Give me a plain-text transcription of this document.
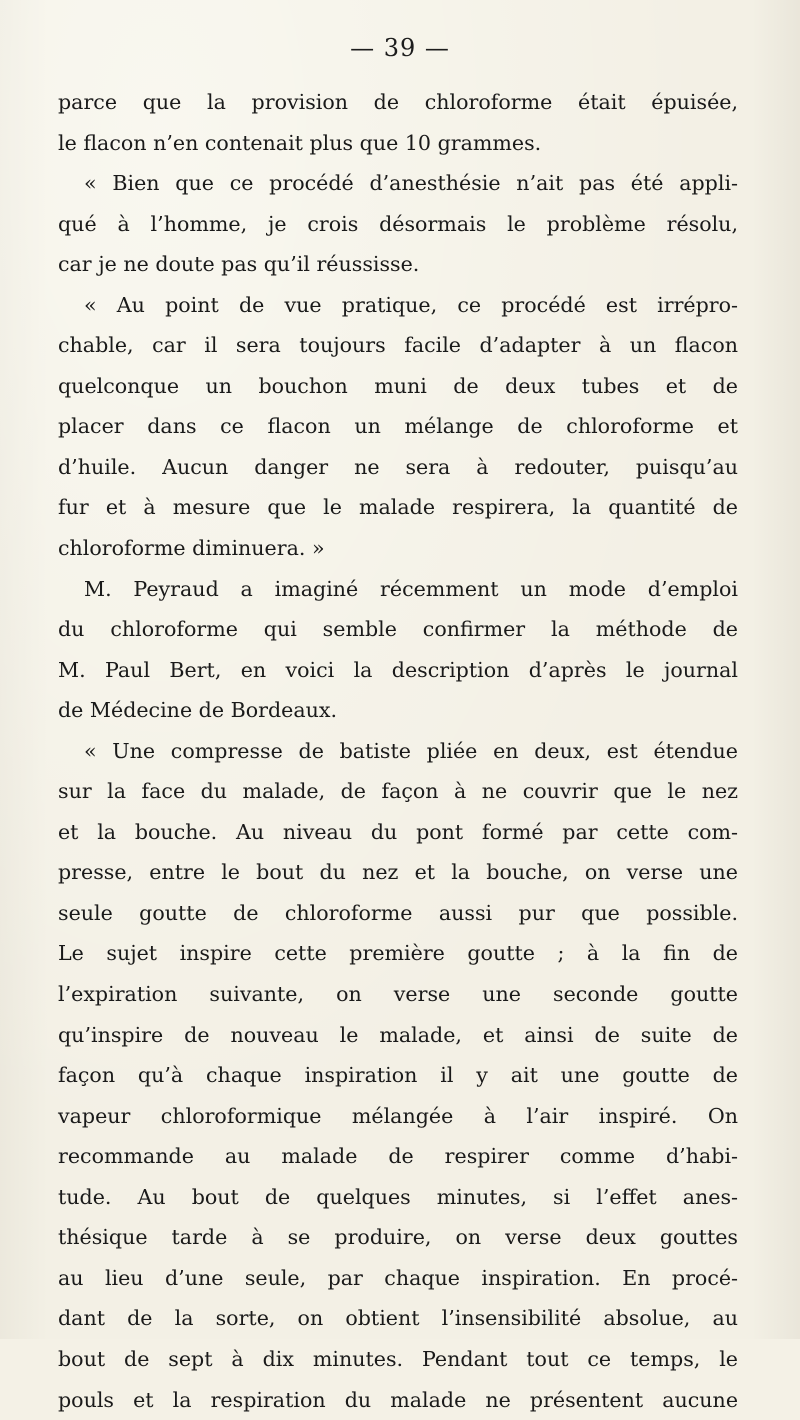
— 39 —
parce que la provision de chloroforme était épuisée,
le flacon n’en contenait plus que 10 grammes.
« Bien que ce procédé d’anesthésie n’ait pas été appli-
qué à l’homme, je crois désormais le problème résolu,
car je ne doute pas qu’il réussisse.
« Au point de vue pratique, ce procédé est irrépro-
chable, car il sera toujours facile d’adapter à un flacon
quelconque un bouchon muni de deux tubes et de
placer dans ce flacon un mélange de chloroforme et
d’huile. Aucun danger ne sera à redouter, puisqu’au
fur et à mesure que le malade respirera, la quantité de
chloroforme diminuera. »
M. Peyraud a imaginé récemment un mode d’emploi
du chloroforme qui semble confirmer la méthode de
M. Paul Bert, en voici la description d’après le journal
de Médecine de Bordeaux.
« Une compresse de batiste pliée en deux, est étendue
sur la face du malade, de façon à ne couvrir que le nez
et la bouche. Au niveau du pont formé par cette com-
presse, entre le bout du nez et la bouche, on verse une
seule goutte de chloroforme aussi pur que possible.
Le sujet inspire cette première goutte ; à la fin de
l’expiration suivante, on verse une seconde goutte
qu’inspire de nouveau le malade, et ainsi de suite de
façon qu’à chaque inspiration il y ait une goutte de
vapeur chloroformique mélangée à l’air inspiré. On
recommande au malade de respirer comme d’habi-
tude. Au bout de quelques minutes, si l’effet anes-
thésique tarde à se produire, on verse deux gouttes
au lieu d’une seule, par chaque inspiration. En procé-
dant de la sorte, on obtient l’insensibilité absolue, au
bout de sept à dix minutes. Pendant tout ce temps, le
pouls et la respiration du malade ne présentent aucune
